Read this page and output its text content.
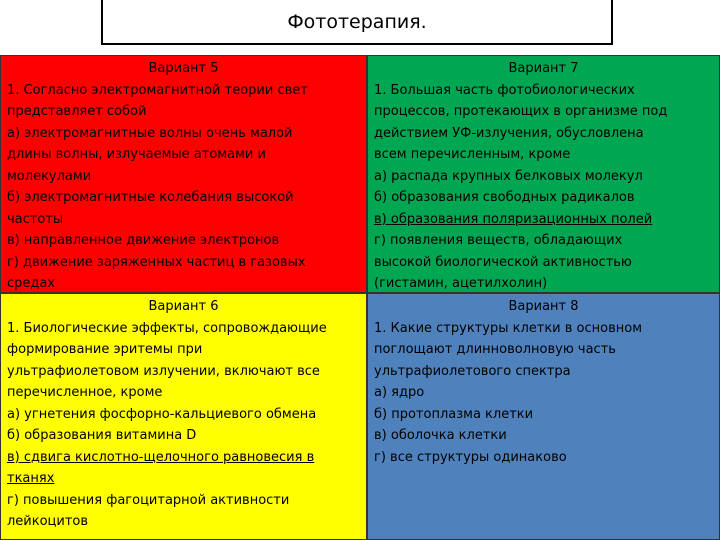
Фототерапия.
Вариант 5
1. Согласно электромагнитной теории свет
представляет собой
а) электромагнитные волны очень малой
длины волны, излучаемые атомами и
молекулами
б) электромагнитные колебания высокой
частоты
в) направленное движение электронов
г) движение заряженных частиц в газовых
средах
Вариант 7
1. Большая часть фотобиологических
процессов, протекающих в организме под
действием УФ-излучения, обусловлена
всем перечисленным, кроме
а) распада крупных белковых молекул
б) образования свободных радикалов
в) образования поляризационных полей
г) появления веществ, обладающих
высокой биологической активностью
(гистамин, ацетилхолин)
Вариант 6
1. Биологические эффекты, сопровождающие
формирование эритемы при
ультрафиолетовом излучении, включают все
перечисленное, кроме
а) угнетения фосфорно-кальциевого обмена
б) образования витамина D
в) сдвига кислотно-щелочного равновесия в
тканях
г) повышения фагоцитарной активности
лейкоцитов
Вариант 8
1. Какие структуры клетки в основном
поглощают длинноволновую часть
ультрафиолетового спектра
а) ядро
б) протоплазма клетки
в) оболочка клетки
г) все структуры одинаково
